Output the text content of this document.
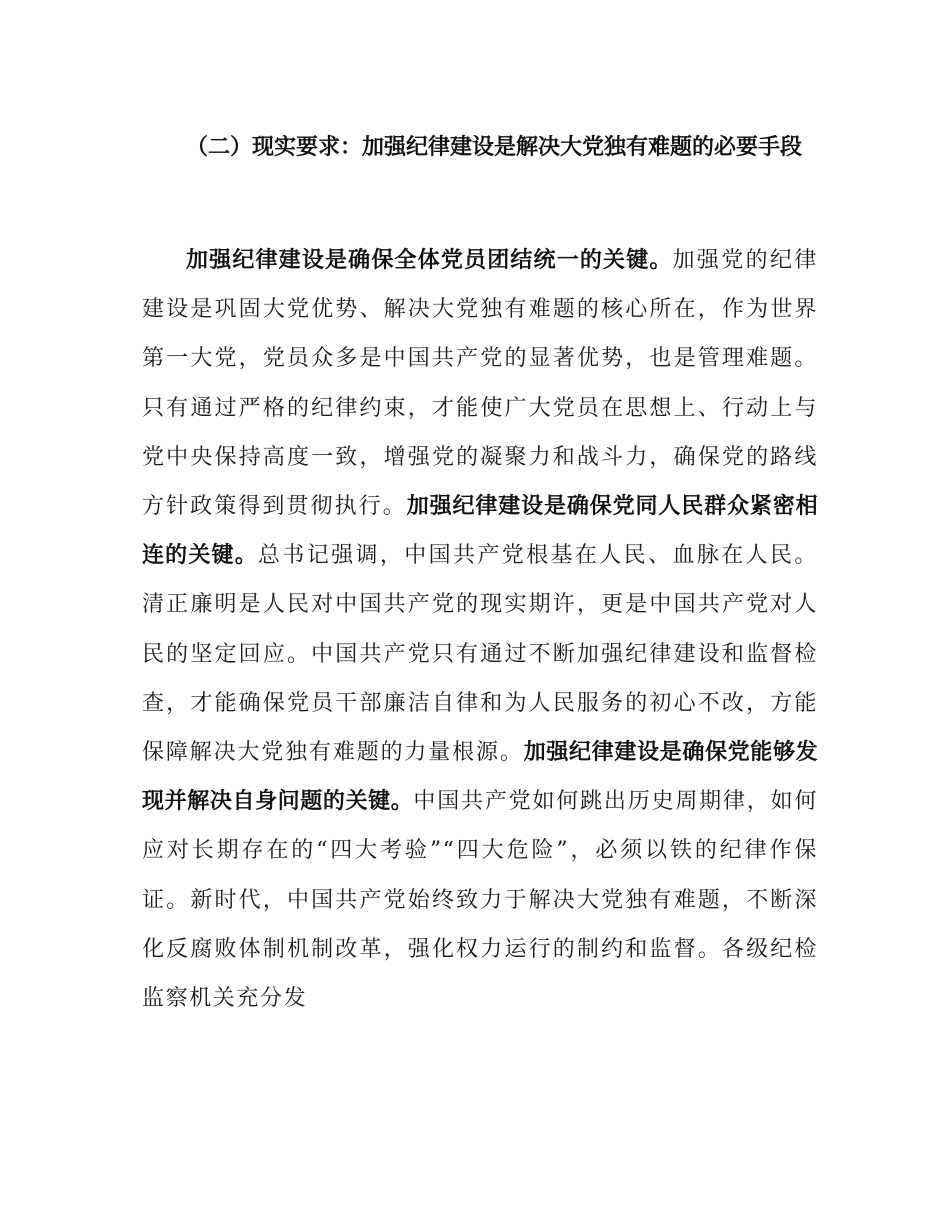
（二）现实要求：加强纪律建设是解决大党独有难题的必要手段

加强纪律建设是确保全体党员团结统一的关键。加强党的纪律建设是巩固大党优势、解决大党独有难题的核心所在，作为世界第一大党，党员众多是中国共产党的显著优势，也是管理难题。只有通过严格的纪律约束，才能使广大党员在思想上、行动上与党中央保持高度一致，增强党的凝聚力和战斗力，确保党的路线方针政策得到贯彻执行。加强纪律建设是确保党同人民群众紧密相连的关键。总书记强调，中国共产党根基在人民、血脉在人民。清正廉明是人民对中国共产党的现实期许，更是中国共产党对人民的坚定回应。中国共产党只有通过不断加强纪律建设和监督检查，才能确保党员干部廉洁自律和为人民服务的初心不改，方能保障解决大党独有难题的力量根源。加强纪律建设是确保党能够发现并解决自身问题的关键。中国共产党如何跳出历史周期律，如何应对长期存在的“四大考验”“四大危险”，必须以铁的纪律作保证。新时代，中国共产党始终致力于解决大党独有难题，不断深化反腐败体制机制改革，强化权力运行的制约和监督。各级纪检监察机关充分发
